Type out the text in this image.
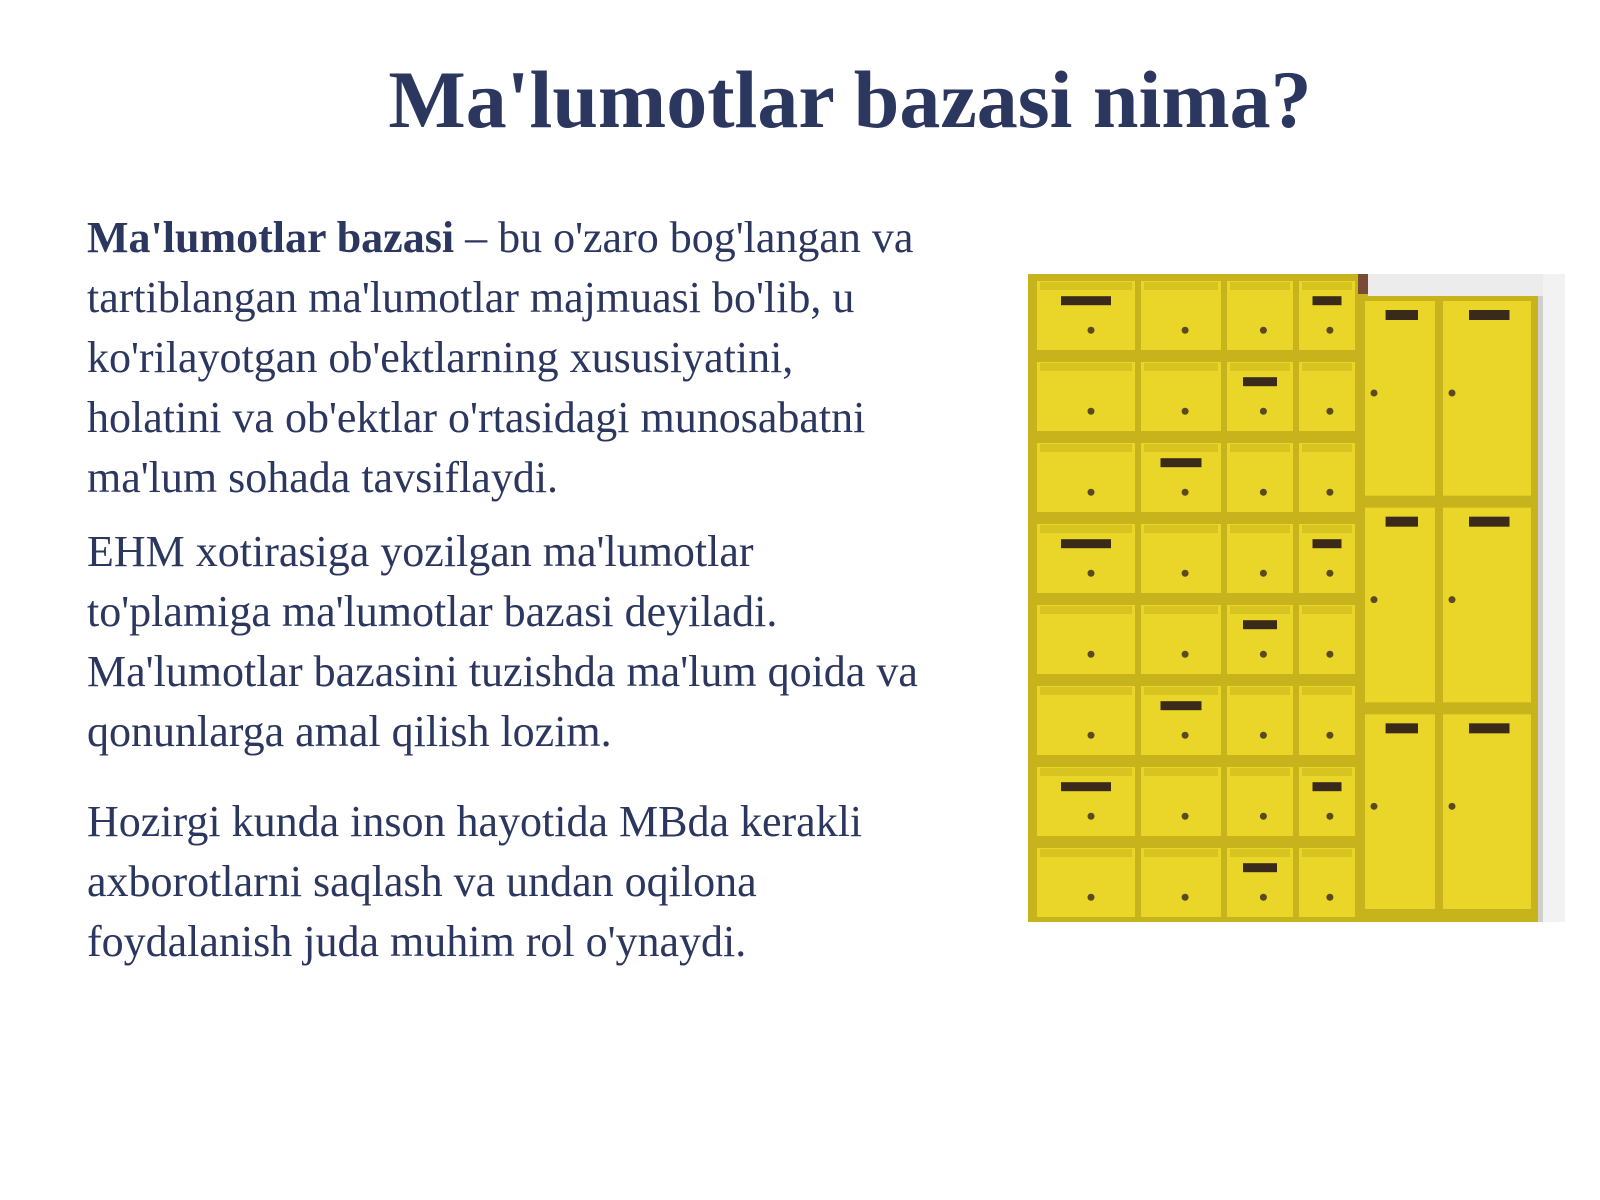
Ma'lumotlar bazasi nima?

Ma'lumotlar bazasi – bu o'zaro bog'langan va tartiblangan ma'lumotlar majmuasi bo'lib, u ko'rilayotgan ob'ektlarning xususiyatini, holatini va ob'ektlar o'rtasidagi munosabatni ma'lum sohada tavsiflaydi.

EHM xotirasiga yozilgan ma'lumotlar to'plamiga ma'lumotlar bazasi deyiladi. Ma'lumotlar bazasini tuzishda ma'lum qoida va qonunlarga amal qilish lozim.

Hozirgi kunda inson hayotida MBda kerakli axborotlarni saqlash va undan oqilona foydalanish juda muhim rol o'ynaydi.
